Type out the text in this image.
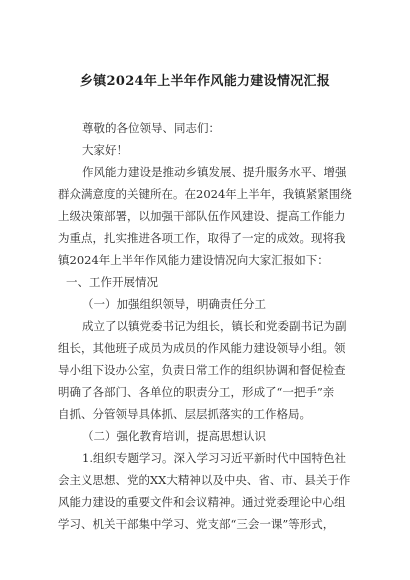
乡镇2024年上半年作风能力建设情况汇报
尊敬的各位领导、同志们：
大家好！
作风能力建设是推动乡镇发展、提升服务水平、增强
群众满意度的关键所在。在2024年上半年，我镇紧紧围绕
上级决策部署，以加强干部队伍作风建设、提高工作能力
为重点，扎实推进各项工作，取得了一定的成效。现将我
镇2024年上半年作风能力建设情况向大家汇报如下：
一、工作开展情况
（一）加强组织领导，明确责任分工
成立了以镇党委书记为组长，镇长和党委副书记为副
组长，其他班子成员为成员的作风能力建设领导小组。领
导小组下设办公室，负责日常工作的组织协调和督促检查
明确了各部门、各单位的职责分工，形成了“一把手”亲
自抓、分管领导具体抓、层层抓落实的工作格局。
（二）强化教育培训，提高思想认识
1.组织专题学习。深入学习习近平新时代中国特色社
会主义思想、党的XX大精神以及中央、省、市、县关于作
风能力建设的重要文件和会议精神。通过党委理论中心组
学习、机关干部集中学习、党支部“三会一课”等形式，
